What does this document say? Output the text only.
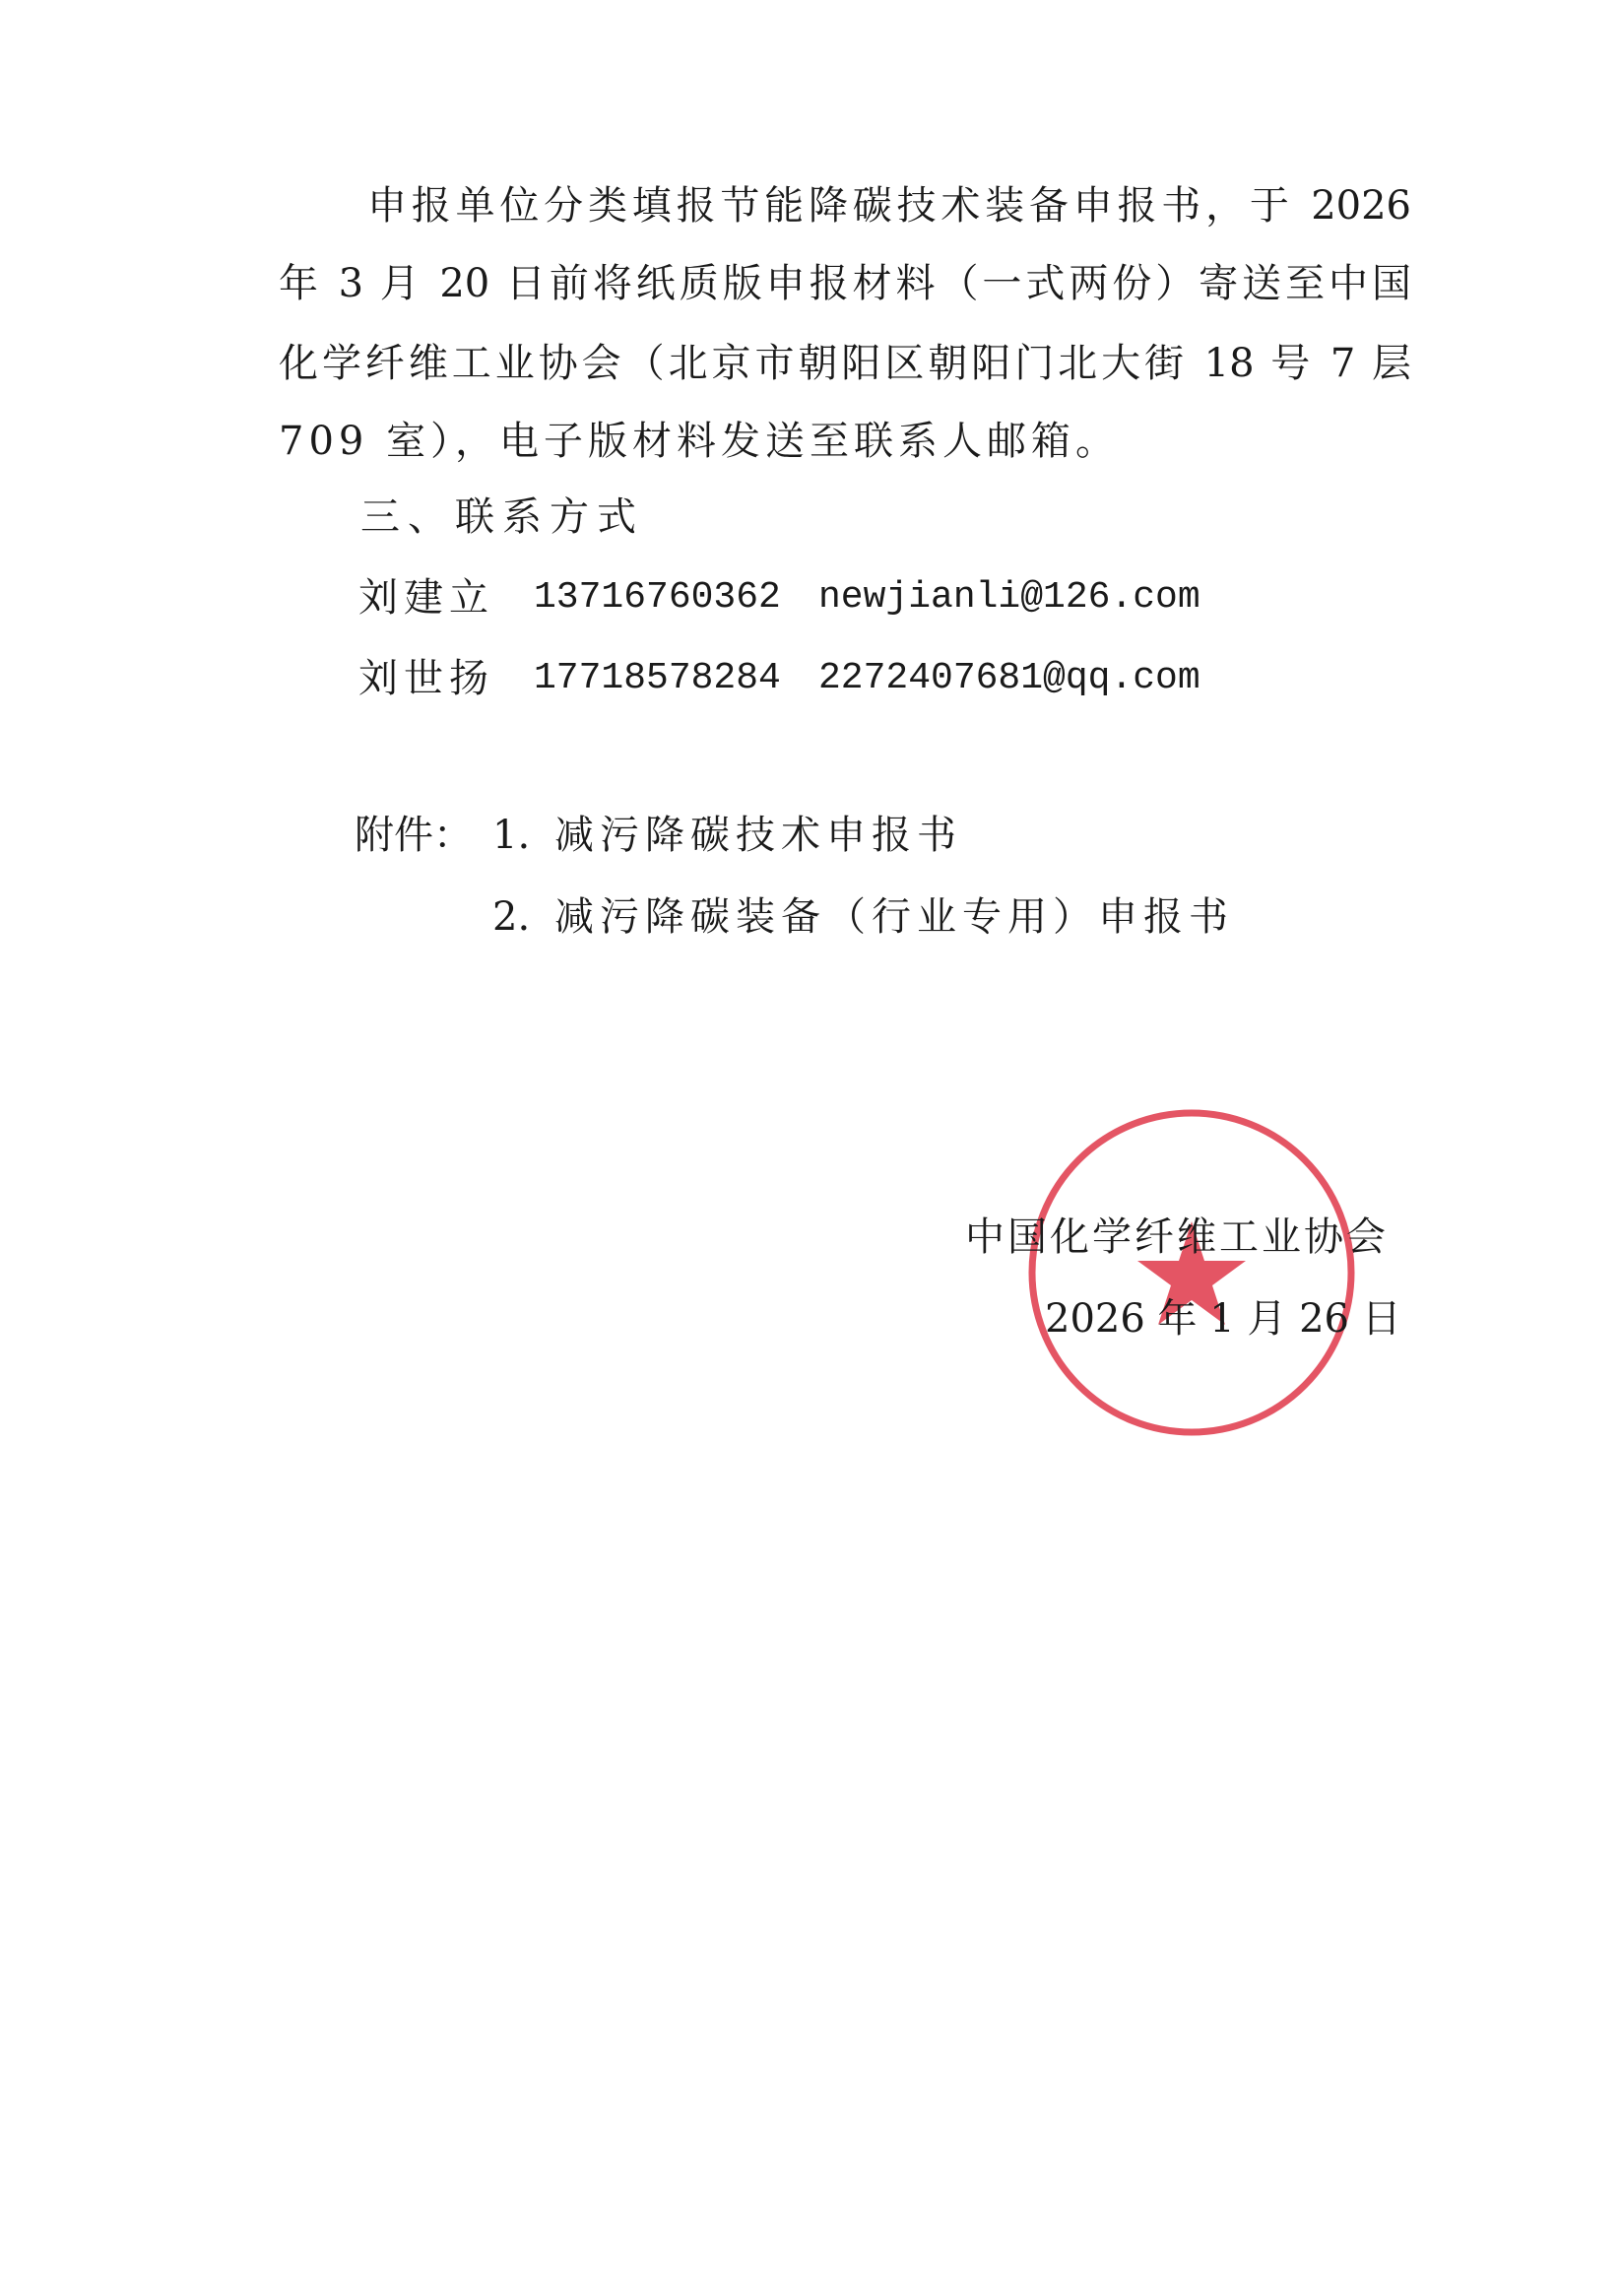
申报单位分类填报节能降碳技术装备申报书，于 2026
年 3 月 20 日前将纸质版申报材料（一式两份）寄送至中国
化学纤维工业协会（北京市朝阳区朝阳门北大街 18 号 7 层
709 室），电子版材料发送至联系人邮箱。
三、联系方式
刘建立 13716760362 newjianli@126.com
刘世扬 17718578284 2272407681@qq.com
附件： 1. 减污降碳技术申报书
2. 减污降碳装备（行业专用）申报书
中国化学纤维工业协会
2026 年 1 月 26 日
